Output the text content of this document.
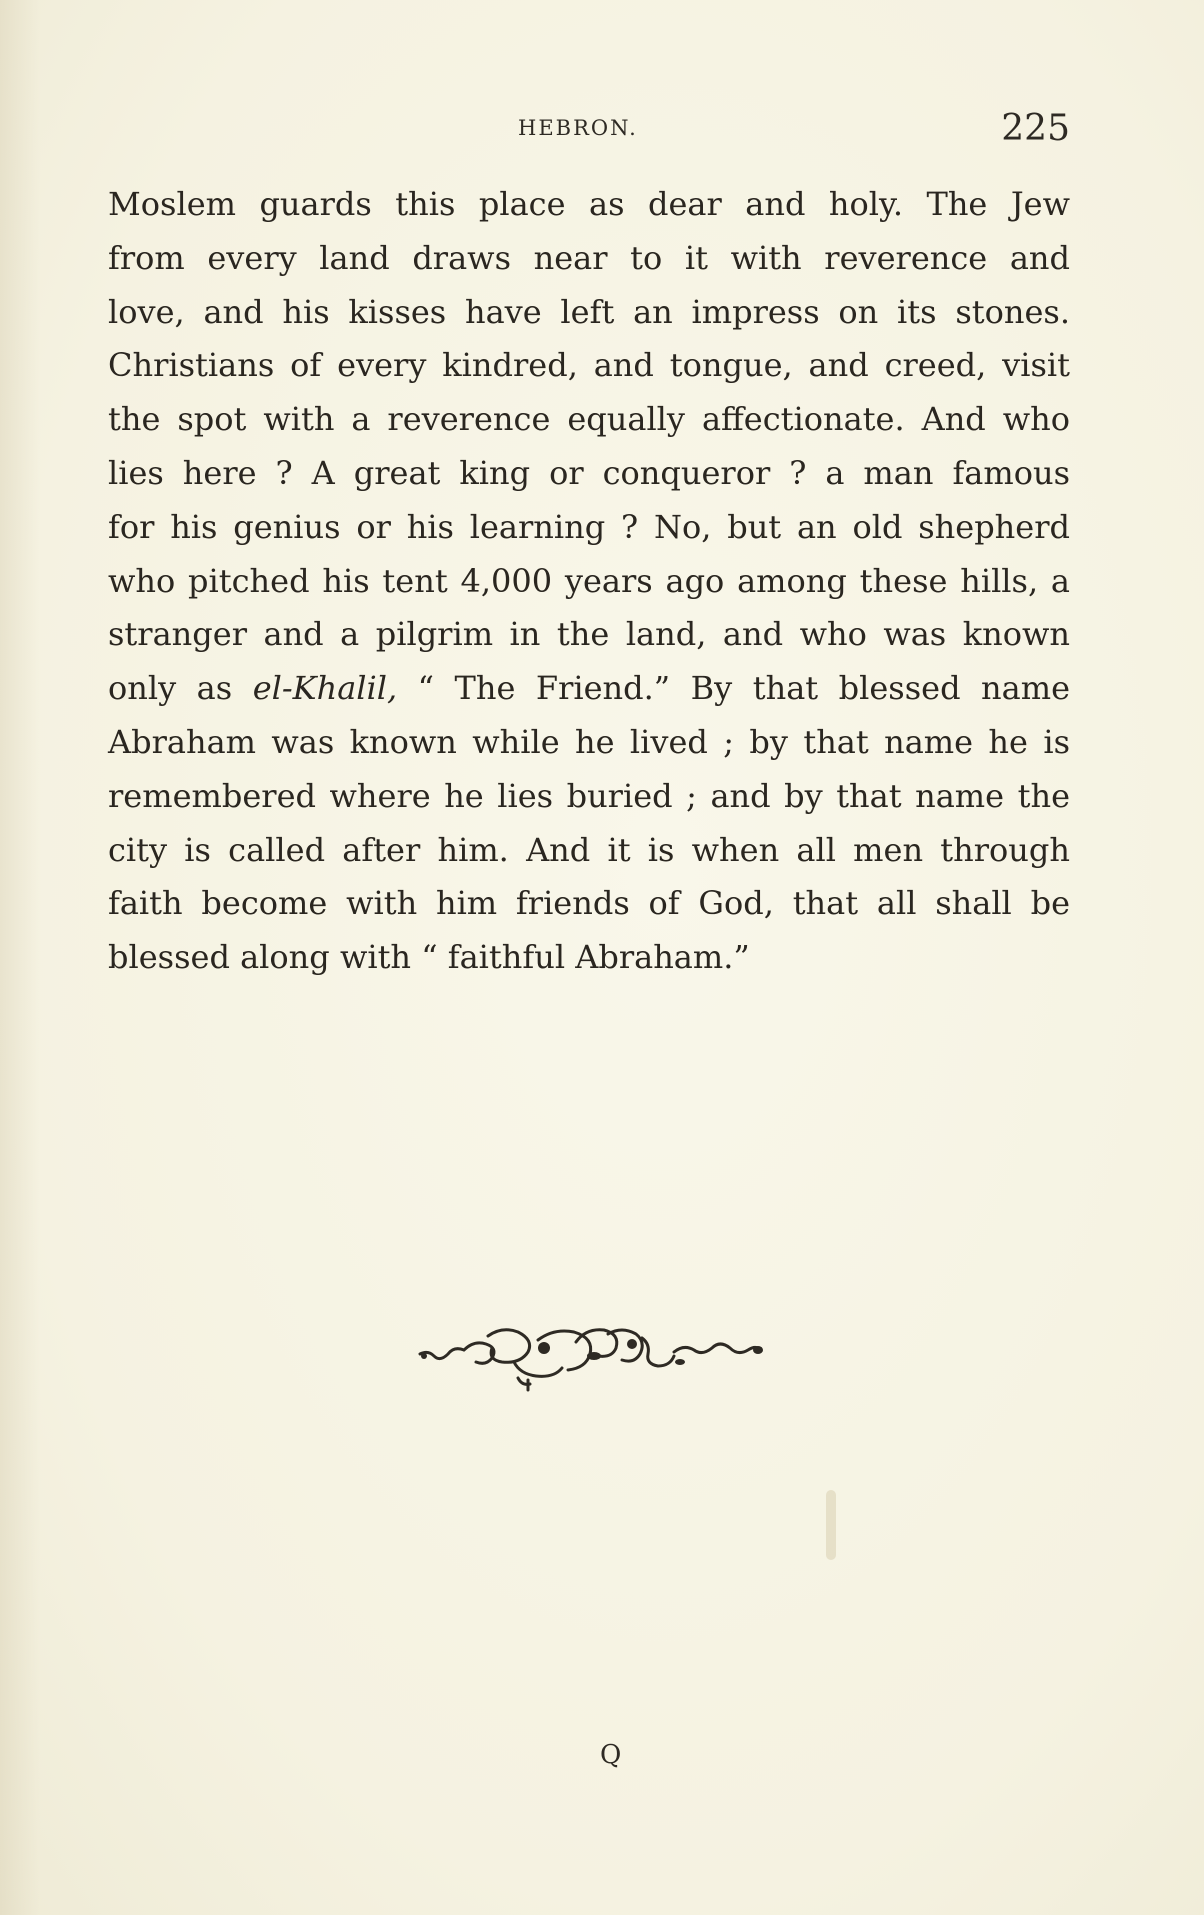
HEBRON.	225
Moslem guards this place as dear and holy. The Jew
from every land draws near to it with reverence and
love, and his kisses have left an impress on its stones.
Christians of every kindred, and tongue, and creed, visit
the spot with a reverence equally affectionate. And who
lies here ? A great king or conqueror ? a man famous
for his genius or his learning ? No, but an old shepherd
who pitched his tent 4,000 years ago among these hills, a
stranger and a pilgrim in the land, and who was known
only as el-Khalil, “ The Friend.” By that blessed name
Abraham was known while he lived ; by that name he is
remembered where he lies buried ; and by that name the
city is called after him. And it is when all men through
faith become with him friends of God, that all shall be
blessed along with “ faithful Abraham.”
Q
